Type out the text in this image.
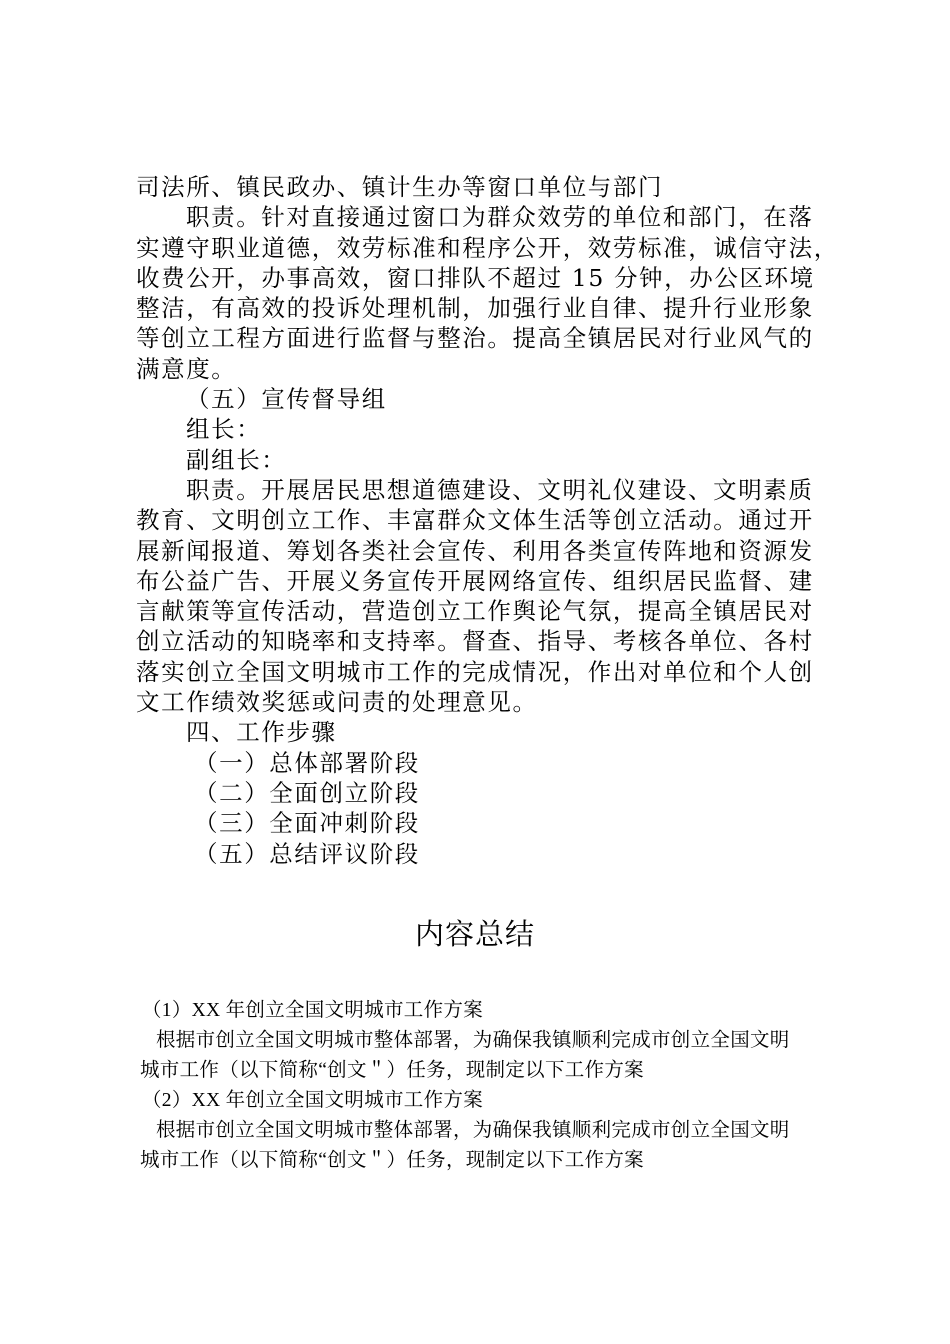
司法所、镇民政办、镇计生办等窗口单位与部门
职责。针对直接通过窗口为群众效劳的单位和部门，在落
实遵守职业道德，效劳标准和程序公开，效劳标准，诚信守法，
收费公开，办事高效，窗口排队不超过 15 分钟，办公区环境
整洁，有高效的投诉处理机制，加强行业自律、提升行业形象
等创立工程方面进行监督与整治。提高全镇居民对行业风气的
满意度。
（五）宣传督导组
组长：
副组长：
职责。开展居民思想道德建设、文明礼仪建设、文明素质
教育、文明创立工作、丰富群众文体生活等创立活动。通过开
展新闻报道、筹划各类社会宣传、利用各类宣传阵地和资源发
布公益广告、开展义务宣传开展网络宣传、组织居民监督、建
言献策等宣传活动，营造创立工作舆论气氛，提高全镇居民对
创立活动的知晓率和支持率。督查、指导、考核各单位、各村
落实创立全国文明城市工作的完成情况，作出对单位和个人创
文工作绩效奖惩或问责的处理意见。
四、工作步骤
（一）总体部署阶段
（二）全面创立阶段
（三）全面冲刺阶段
（五）总结评议阶段
内容总结
（1）XX 年创立全国文明城市工作方案
根据市创立全国文明城市整体部署，为确保我镇顺利完成市创立全国文明
城市工作（以下简称“创文＂）任务，现制定以下工作方案
（2）XX 年创立全国文明城市工作方案
根据市创立全国文明城市整体部署，为确保我镇顺利完成市创立全国文明
城市工作（以下简称“创文＂）任务，现制定以下工作方案
